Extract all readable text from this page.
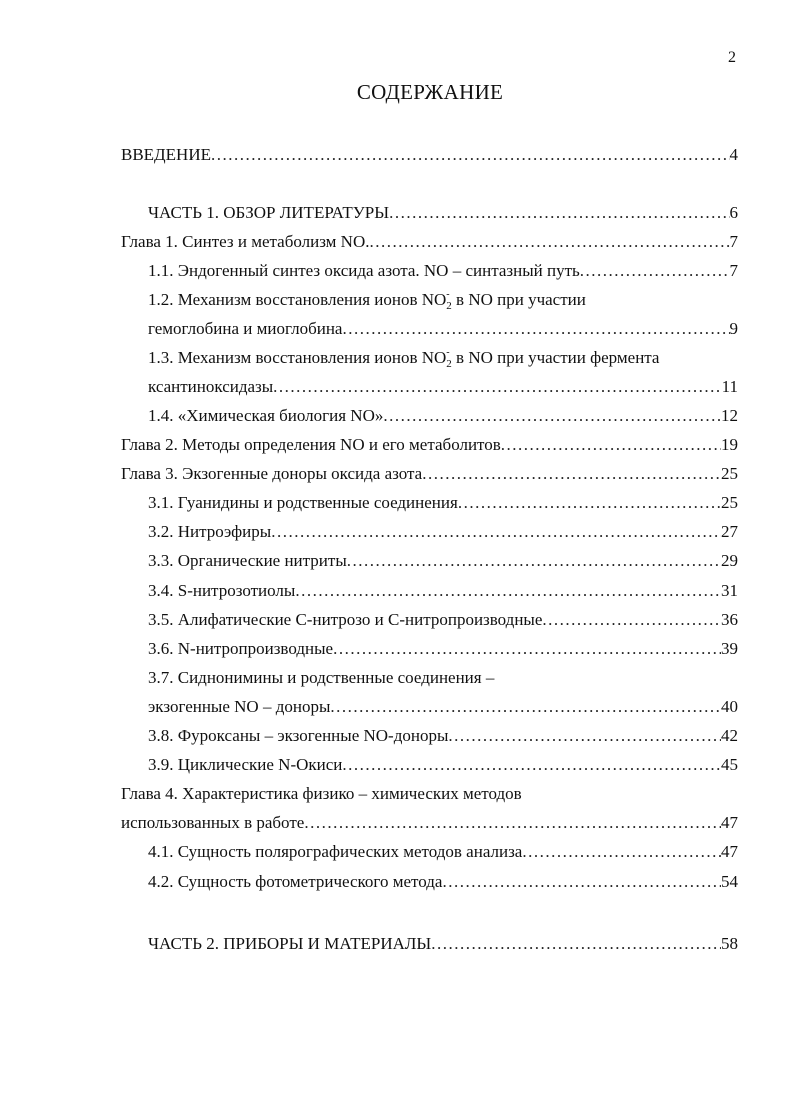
2
СОДЕРЖАНИЕ
ВВЕДЕНИЕ .....	4
ЧАСТЬ 1. ОБЗОР ЛИТЕРАТУРЫ .....	6
Глава 1. Синтез и метаболизм NO. .....	7
1.1. Эндогенный синтез оксида азота. NO – синтазный путь .....	7
1.2. Механизм восстановления ионов $NO_2$
- в NO при участии
гемоглобина и миоглобина .....	9
1.3. Механизм восстановления ионов $NO_2$
- в NO при участии фермента
ксантиноксидазы .....	11
1.4. «Химическая биология NO» .....	12
Глава 2. Методы определения NO и его метаболитов .....	19
Глава 3. Экзогенные доноры оксида азота .....	25
3.1. Гуанидины и родственные соединения .....	25
3.2. Нитроэфиры .....	27
3.3. Органические нитриты .....	29
3.4. S-нитрозотиолы .....	31
3.5. Алифатические С-нитрозо и С-нитропроизводные .....	36
3.6. N-нитропроизводные .....	39
3.7. Сиднонимины и родственные соединения –
экзогенные NO – доноры .....	40
3.8. Фуроксаны – экзогенные NO-доноры .....	42
3.9. Циклические N-Окиси .....	45
Глава 4. Характеристика физико – химических методов
использованных в работе .....	47
4.1. Сущность полярографических методов анализа .....	47
4.2. Сущность фотометрического метода .....	54
ЧАСТЬ 2. ПРИБОРЫ И МАТЕРИАЛЫ .....	58
